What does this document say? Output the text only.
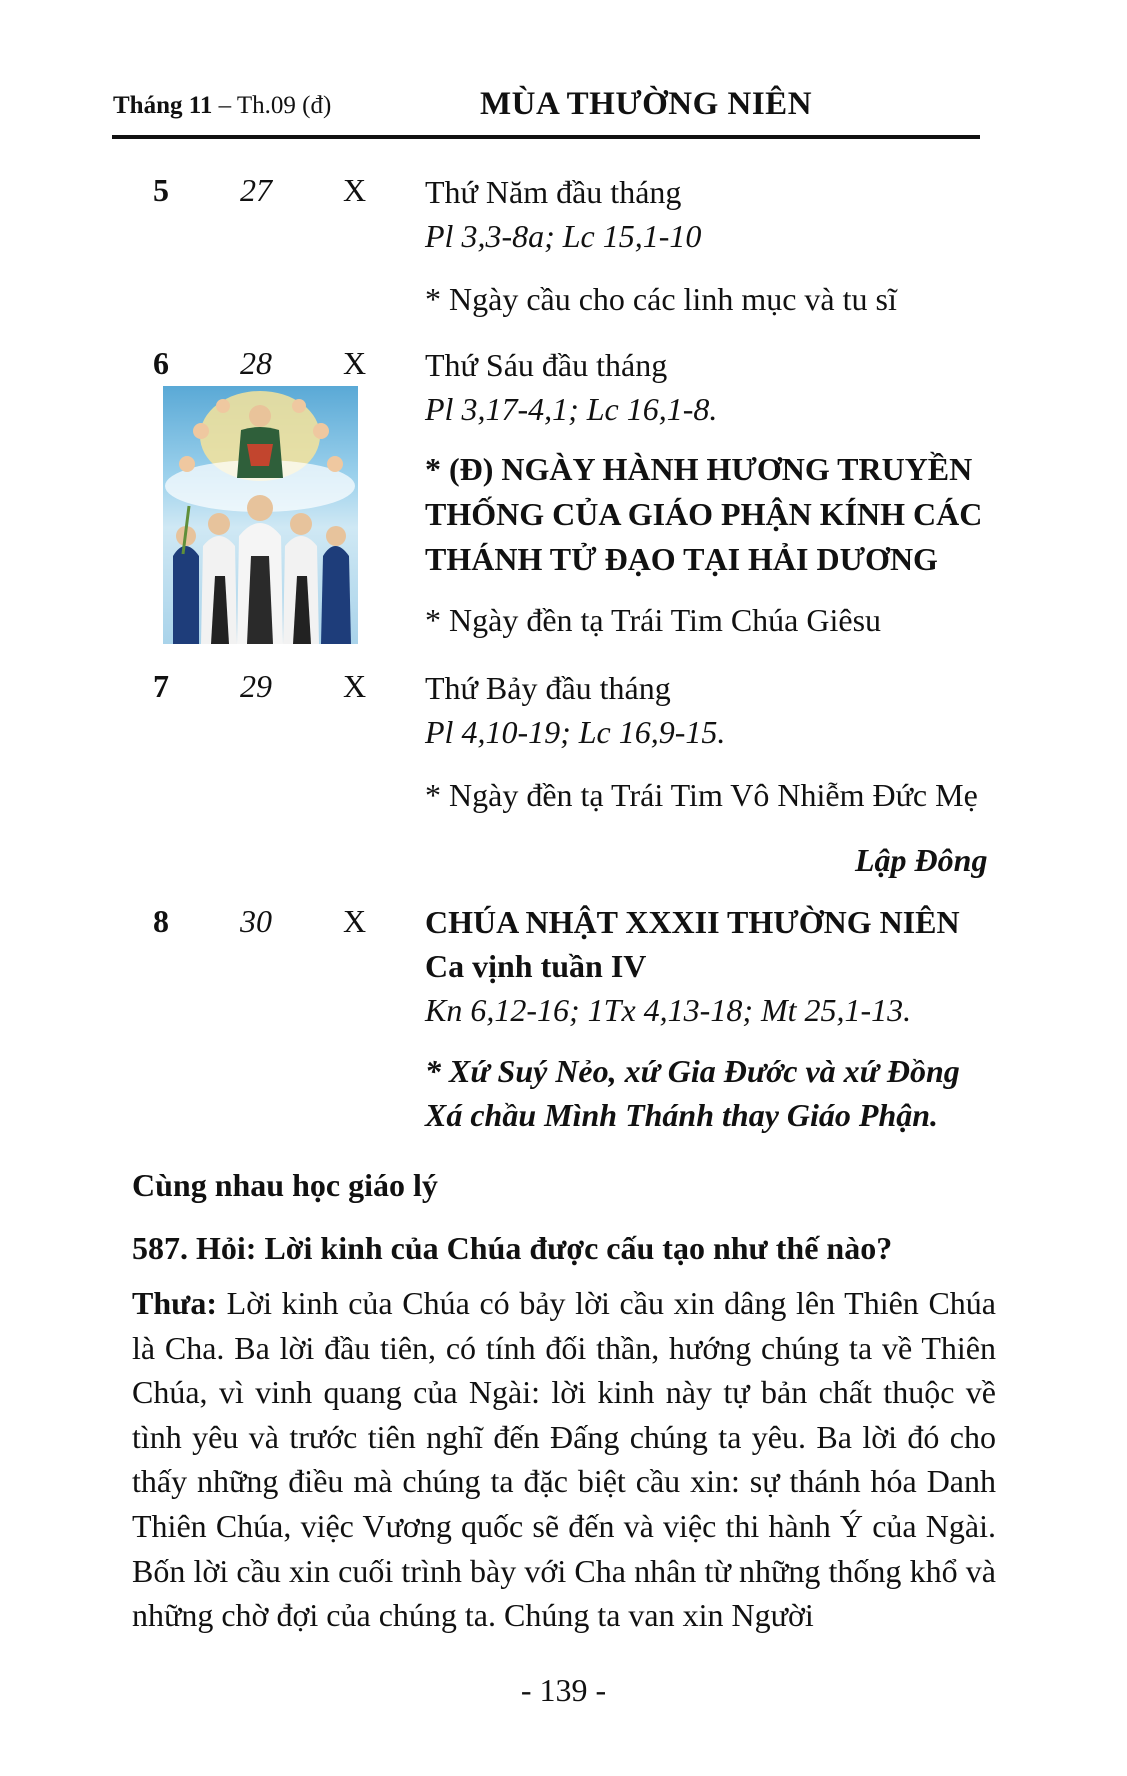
Tháng 11 – Th.09 (đ)	MÙA THƯỜNG NIÊN
5 27 X Thứ Năm đầu tháng
Pl 3,3-8a; Lc 15,1-10
* Ngày cầu cho các linh mục và tu sĩ
6 28 X Thứ Sáu đầu tháng
Pl 3,17-4,1; Lc 16,1-8.
* (Đ) NGÀY HÀNH HƯƠNG TRUYỀN
THỐNG CỦA GIÁO PHẬN KÍNH CÁC
THÁNH TỬ ĐẠO TẠI HẢI DƯƠNG
* Ngày đền tạ Trái Tim Chúa Giêsu
7 29 X Thứ Bảy đầu tháng
Pl 4,10-19; Lc 16,9-15.
* Ngày đền tạ Trái Tim Vô Nhiễm Đức Mẹ
Lập Đông
8 30 X CHÚA NHẬT XXXII THƯỜNG NIÊN
Ca vịnh tuần IV
Kn 6,12-16; 1Tx 4,13-18; Mt 25,1-13.
* Xứ Suý Nẻo, xứ Gia Đước và xứ Đồng
Xá chầu Mình Thánh thay Giáo Phận.
Cùng nhau học giáo lý
587. Hỏi: Lời kinh của Chúa được cấu tạo như thế nào?
Thưa: Lời kinh của Chúa có bảy lời cầu xin dâng lên Thiên Chúa là Cha. Ba lời đầu tiên, có tính đối thần, hướng chúng ta về Thiên Chúa, vì vinh quang của Ngài: lời kinh này tự bản chất thuộc về tình yêu và trước tiên nghĩ đến Đấng chúng ta yêu. Ba lời đó cho thấy những điều mà chúng ta đặc biệt cầu xin: sự thánh hóa Danh Thiên Chúa, việc Vương quốc sẽ đến và việc thi hành Ý của Ngài. Bốn lời cầu xin cuối trình bày với Cha nhân từ những thống khổ và những chờ đợi của chúng ta. Chúng ta van xin Người
- 139 -
